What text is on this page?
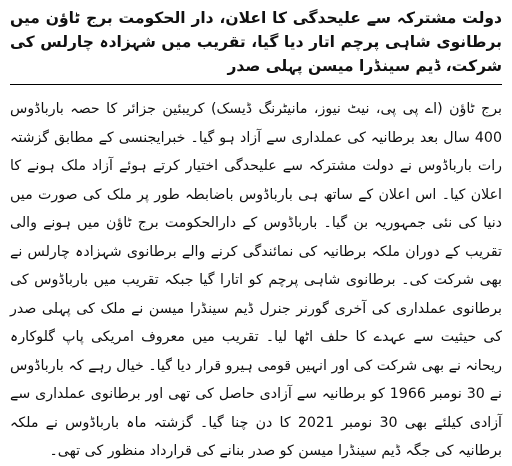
دولت مشترکہ سے علیحدگی کا اعلان، دار الحکومت برج ٹاؤن میں برطانوی شاہی پرچم اتار دیا گیا، تقریب میں شہزادہ چارلس کی شرکت، ڈیم سینڈرا میسن پہلی صدر

برج ٹاؤن (اے پی پی، نیٹ نیوز، مانیٹرنگ ڈیسک) کریبئین جزائر کا حصہ بارباڈوس 400 سال بعد برطانیہ کی عملداری سے آزاد ہو گیا۔ خبرایجنسی کے مطابق گزشتہ رات بارباڈوس نے دولت مشترکہ سے علیحدگی اختیار کرتے ہوئے آزاد ملک ہونے کا اعلان کیا۔ اس اعلان کے ساتھ ہی بارباڈوس باضابطہ طور پر ملک کی صورت میں دنیا کی نئی جمہوریہ بن گیا۔ بارباڈوس کے دارالحکومت برج ٹاؤن میں ہونے والی تقریب کے دوران ملکہ برطانیہ کی نمائندگی کرنے والے برطانوی شہزادہ چارلس نے بھی شرکت کی۔ برطانوی شاہی پرچم کو اتارا گیا جبکہ تقریب میں بارباڈوس کی برطانوی عملداری کی آخری گورنر جنرل ڈیم سینڈرا میسن نے ملک کی پہلی صدر کی حیثیت سے عہدے کا حلف اٹھا لیا۔ تقریب میں معروف امریکی پاپ گلوکارہ ریحانہ نے بھی شرکت کی اور انہیں قومی ہیرو قرار دیا گیا۔ خیال رہے کہ بارباڈوس نے 30 نومبر 1966 کو برطانیہ سے آزادی حاصل کی تھی اور برطانوی عملداری سے آزادی کیلئے بھی 30 نومبر 2021 کا دن چنا گیا۔ گزشتہ ماہ بارباڈوس نے ملکہ برطانیہ کی جگہ ڈیم سینڈرا میسن کو صدر بنانے کی قرارداد منظور کی تھی۔
